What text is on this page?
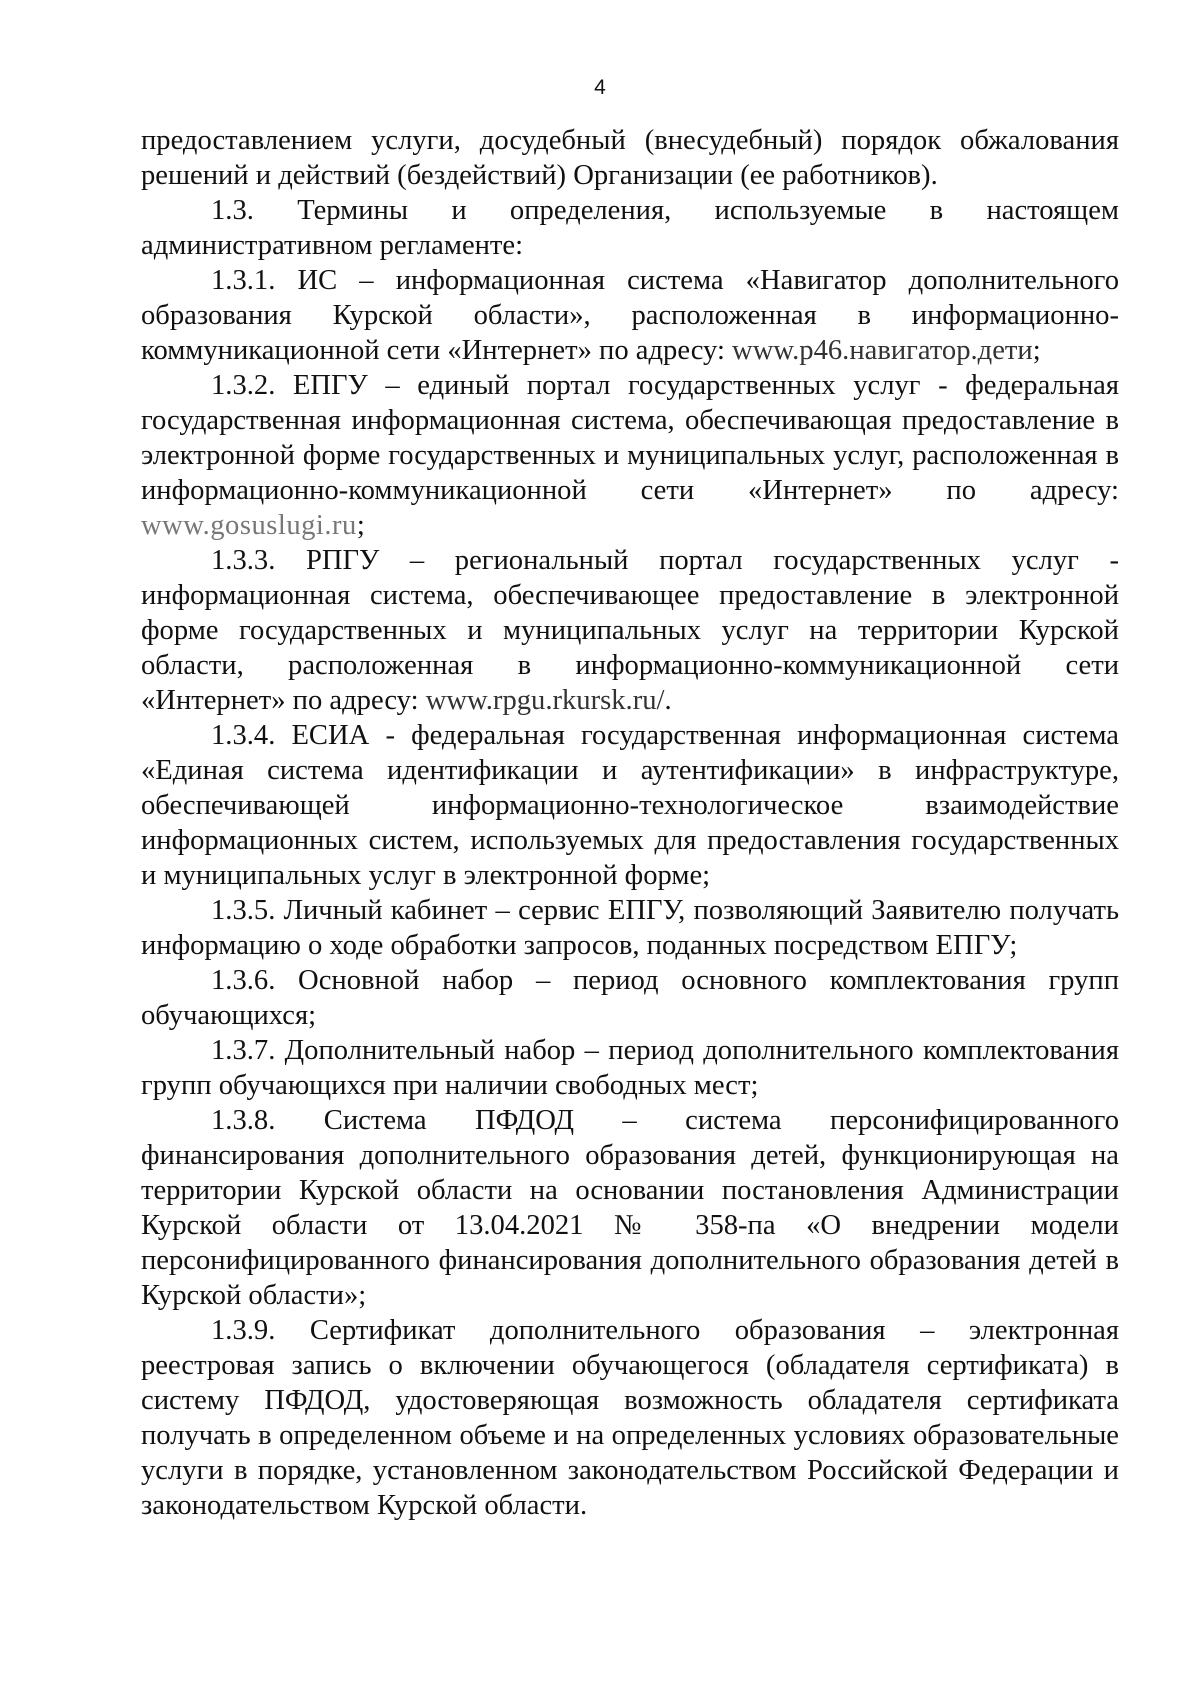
4

предоставлением услуги, досудебный (внесудебный) порядок обжалования решений и действий (бездействий) Организации (ее работников).

1.3. Термины и определения, используемые в настоящем административном регламенте:

1.3.1. ИС – информационная система «Навигатор дополнительного образования Курской области», расположенная в информационно-коммуникационной сети «Интернет» по адресу: www.р46.навигатор.дети;

1.3.2. ЕПГУ – единый портал государственных услуг - федеральная государственная информационная система, обеспечивающая предоставление в электронной форме государственных и муниципальных услуг, расположенная в информационно-коммуникационной сети «Интернет» по адресу: www.gosuslugi.ru;

1.3.3. РПГУ – региональный портал государственных услуг - информационная система, обеспечивающее предоставление в электронной форме государственных и муниципальных услуг на территории Курской области, расположенная в информационно-коммуникационной сети «Интернет» по адресу: www.rpgu.rkursk.ru/.

1.3.4. ЕСИА - федеральная государственная информационная система «Единая система идентификации и аутентификации» в инфраструктуре, обеспечивающей информационно-технологическое взаимодействие информационных систем, используемых для предоставления государственных и муниципальных услуг в электронной форме;

1.3.5. Личный кабинет – сервис ЕПГУ, позволяющий Заявителю получать информацию о ходе обработки запросов, поданных посредством ЕПГУ;

1.3.6. Основной набор – период основного комплектования групп обучающихся;

1.3.7. Дополнительный набор – период дополнительного комплектования групп обучающихся при наличии свободных мест;

1.3.8. Система ПФДОД – система персонифицированного финансирования дополнительного образования детей, функционирующая на территории Курской области на основании постановления Администрации Курской области от 13.04.2021 № 358-па «О внедрении модели персонифицированного финансирования дополнительного образования детей в Курской области»;

1.3.9. Сертификат дополнительного образования – электронная реестровая запись о включении обучающегося (обладателя сертификата) в систему ПФДОД, удостоверяющая возможность обладателя сертификата получать в определенном объеме и на определенных условиях образовательные услуги в порядке, установленном законодательством Российской Федерации и законодательством Курской области.
